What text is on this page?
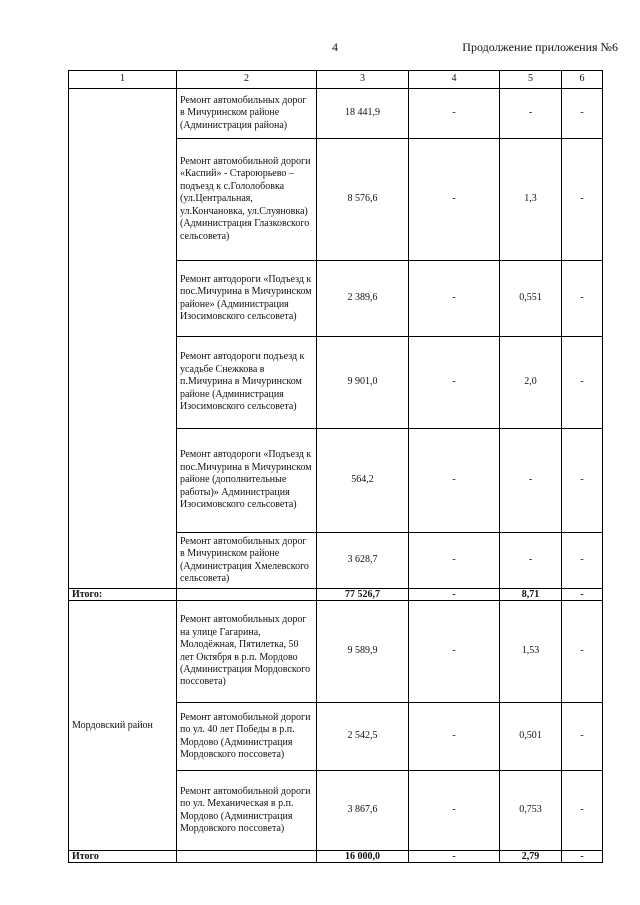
4	Продолжение приложения №6
1	2	3	4	5	6
	Ремонт автомобильных дорог в Мичуринском районе (Администрация района)	18 441,9	-	-	-
	Ремонт автомобильной дороги «Каспий» - Староюрьево – подъезд к с.Гололобовка (ул.Центральная, ул.Кончановка, ул.Слуяновка) (Администрация Глазковского сельсовета)	8 576,6	-	1,3	-
	Ремонт автодороги «Подъезд к пос.Мичурина в Мичуринском районе» (Администрация Изосимовского сельсовета)	2 389,6	-	0,551	-
	Ремонт автодороги подъезд к усадьбе Снежкова в п.Мичурина в Мичуринском районе (Администрация Изосимовского сельсовета)	9 901,0	-	2,0	-
	Ремонт автодороги «Подъезд к пос.Мичурина в Мичуринском районе (дополнительные работы)» Администрация Изосимовского сельсовета)	564,2	-	-	-
	Ремонт автомобильных дорог в Мичуринском районе (Администрация Хмелевского сельсовета)	3 628,7	-	-	-
Итого:		77 526,7	-	8,71	-
Мордовский район	Ремонт автомобильных дорог на улице Гагарина, Молодёжная, Пятилетка, 50 лет Октября в р.п. Мордово (Администрация Мордовского поссовета)	9 589,9	-	1,53	-
	Ремонт автомобильной дороги по ул. 40 лет Победы в р.п. Мордово (Администрация Мордовского поссовета)	2 542,5	-	0,501	-
	Ремонт автомобильной дороги по ул. Механическая в р.п. Мордово (Администрация Мордовского поссовета)	3 867,6	-	0,753	-
Итого		16 000,0	-	2,79	-
